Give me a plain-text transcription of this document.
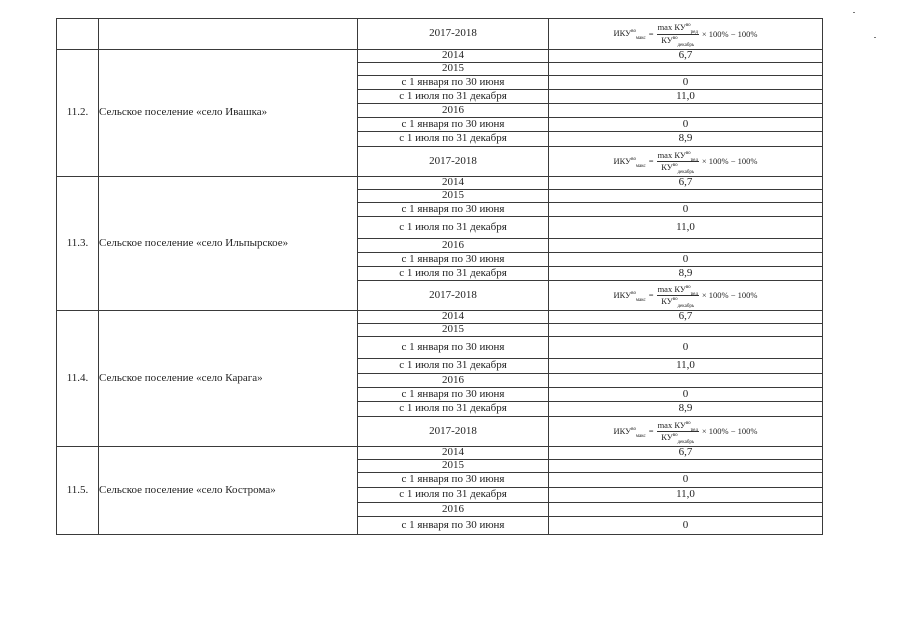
		2017-2018	$ИКУ^{во}_{макс}$
= $\frac{\max КУ^{во}_{ред}}{КУ^{во}_{декабрь}} \times 100\% - 100\%$

11.2.	Сельское поселение «село Ивашка»	2014	6,7
		2015	
		с 1 января по 30 июня	0
		с 1 июля по 31 декабря	11,0
		2016	
		с 1 января по 30 июня	0
		с 1 июля по 31 декабря	8,9
		2017-2018	$ИКУ^{во}_{макс}$
= $\frac{\max КУ^{во}_{ред}}{КУ^{во}_{декабрь}} \times 100\% - 100\%$

11.3.	Сельское поселение «село Ильпырское»	2014	6,7
		2015	
		с 1 января по 30 июня	0
		с 1 июля по 31 декабря	11,0
		2016	
		с 1 января по 30 июня	0
		с 1 июля по 31 декабря	8,9
		2017-2018	$ИКУ^{во}_{макс}$
= $\frac{\max КУ^{во}_{ред}}{КУ^{во}_{декабрь}} \times 100\% - 100\%$

11.4.	Сельское поселение «село Карага»	2014	6,7
		2015	
		с 1 января по 30 июня	0
		с 1 июля по 31 декабря	11,0
		2016	
		с 1 января по 30 июня	0
		с 1 июля по 31 декабря	8,9
		2017-2018	$ИКУ^{во}_{макс}$
= $\frac{\max КУ^{во}_{ред}}{КУ^{во}_{декабрь}} \times 100\% - 100\%$

11.5.	Сельское поселение «село Кострома»	2014	6,7
		2015	
		с 1 января по 30 июня	0
		с 1 июля по 31 декабря	11,0
		2016	
		с 1 января по 30 июня	0
